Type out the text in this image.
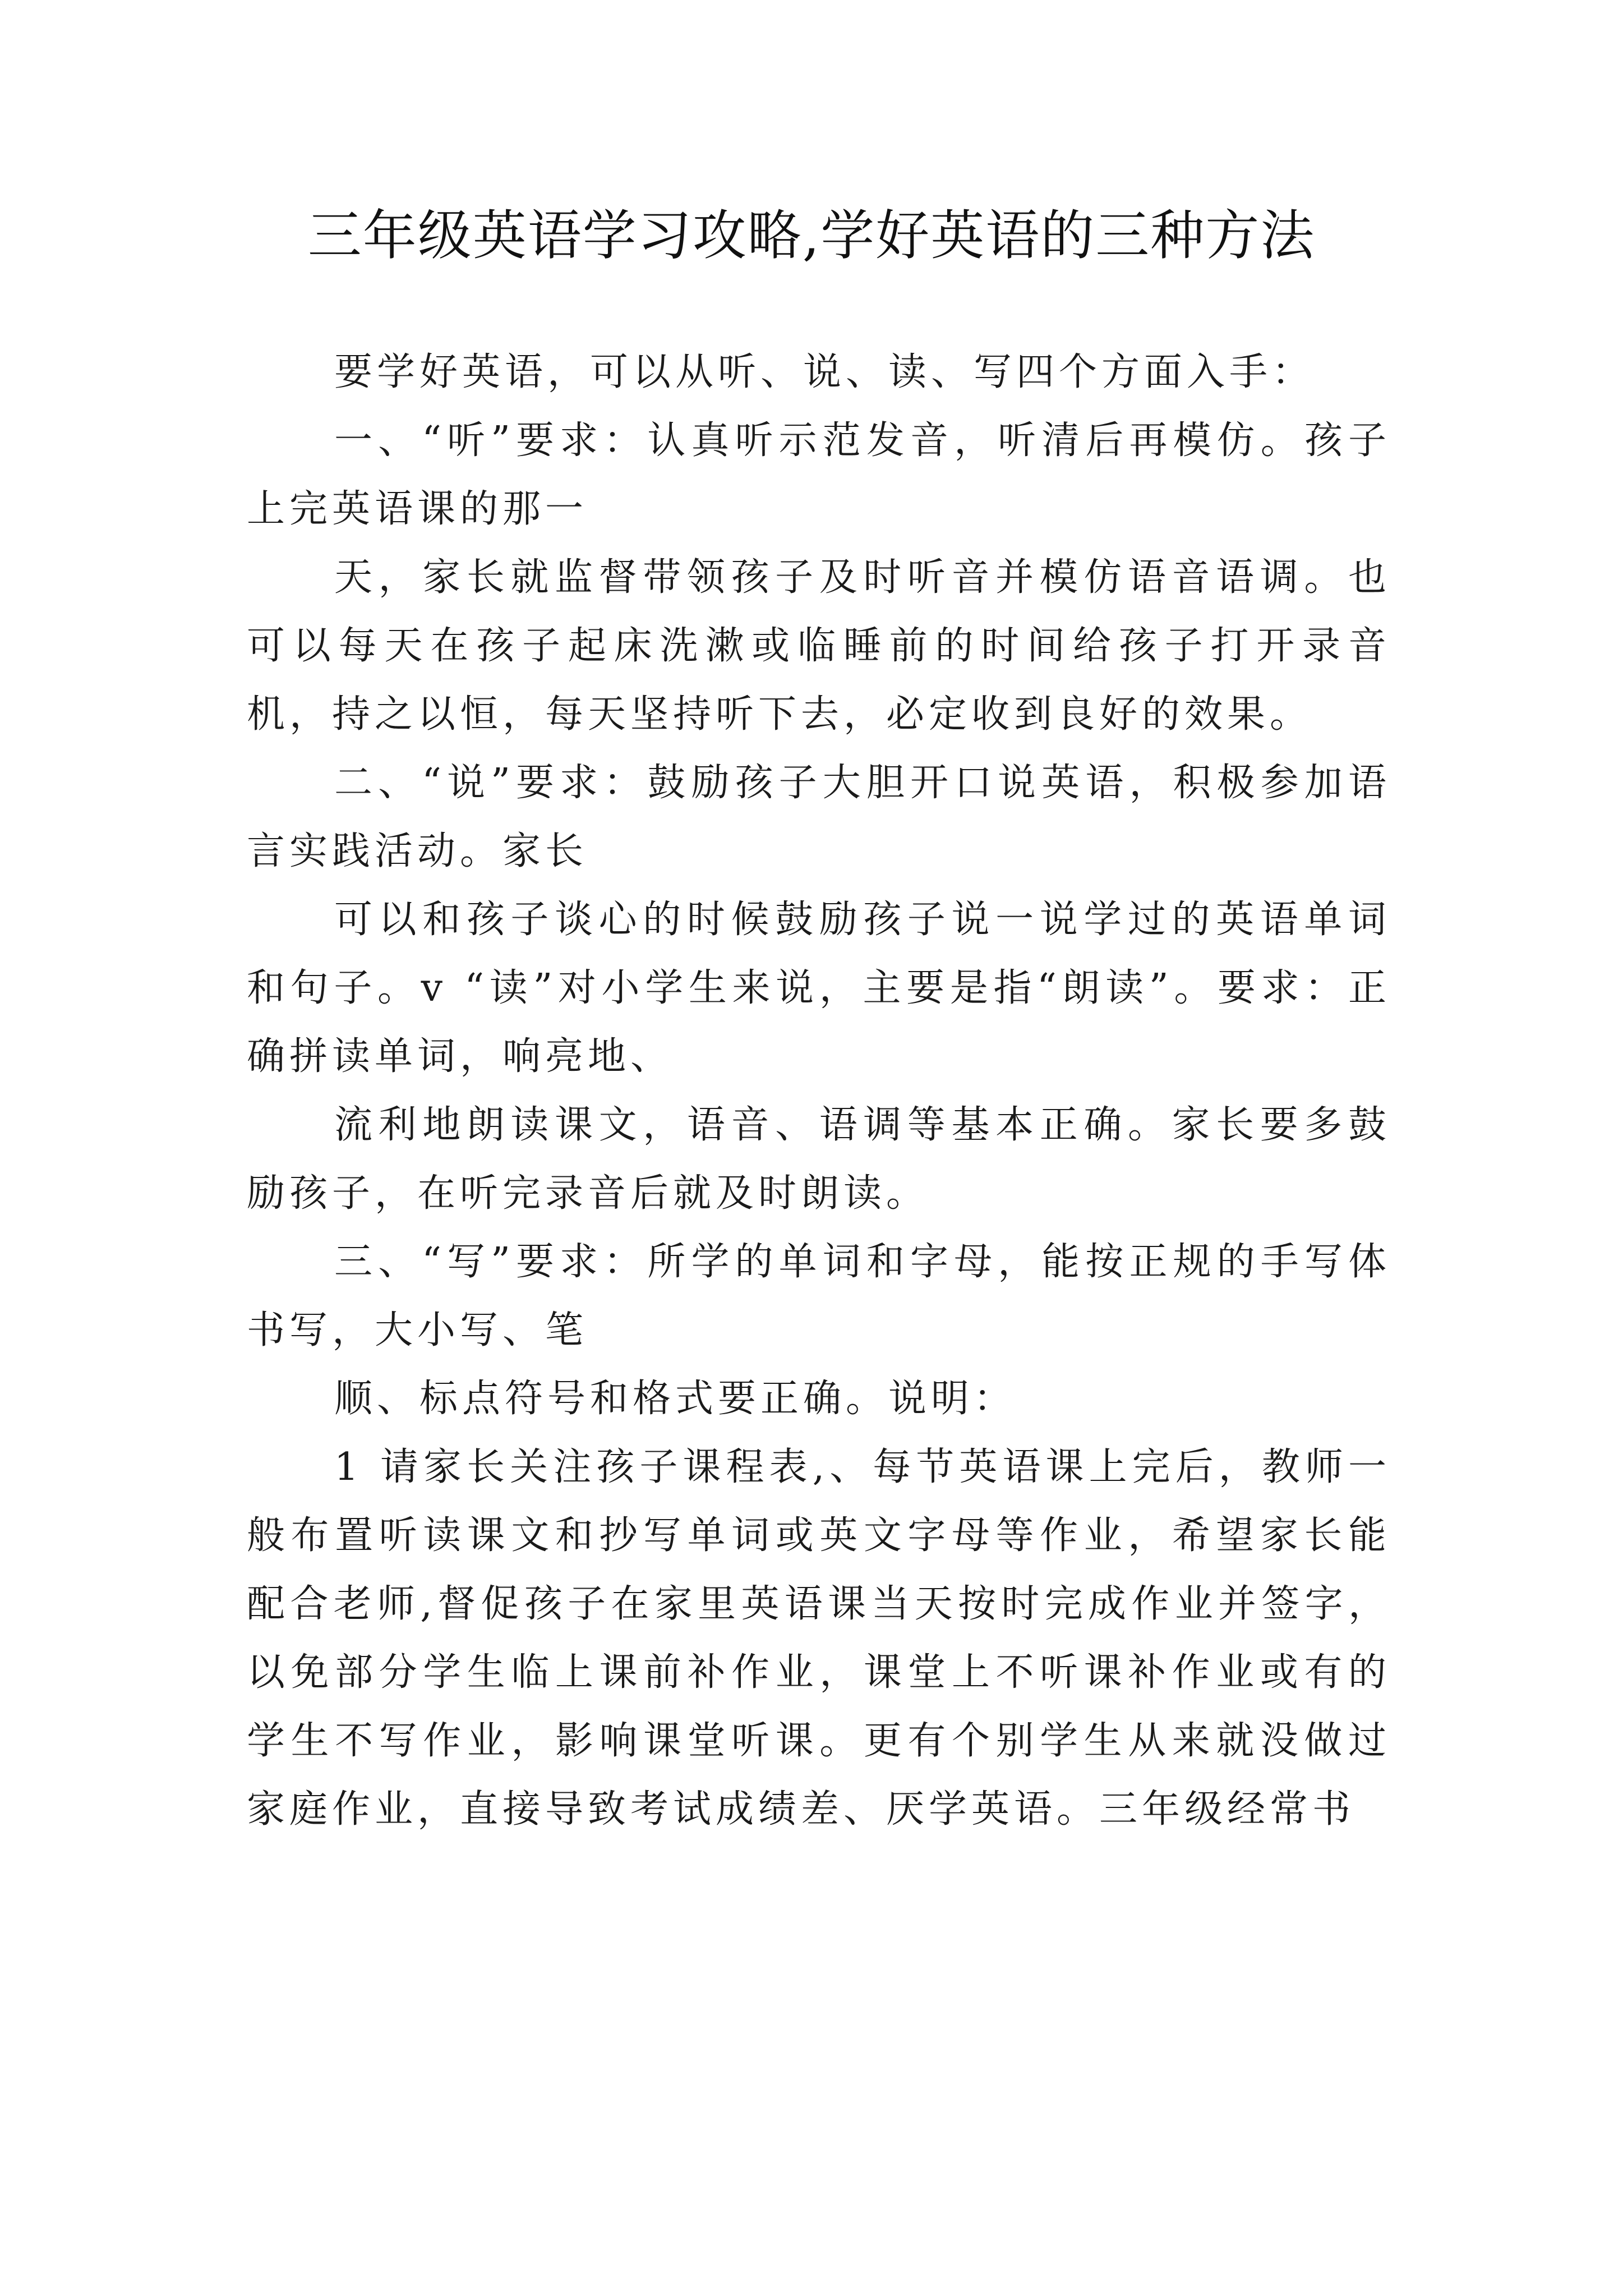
三年级英语学习攻略,学好英语的三种方法

要学好英语，可以从听、说、读、写四个方面入手：

一、“听”要求：认真听示范发音，听清后再模仿。孩子上完英语课的那一

天，家长就监督带领孩子及时听音并模仿语音语调。也可以每天在孩子起床洗漱或临睡前的时间给孩子打开录音机，持之以恒，每天坚持听下去，必定收到良好的效果。

二、“说”要求：鼓励孩子大胆开口说英语，积极参加语言实践活动。家长

可以和孩子谈心的时候鼓励孩子说一说学过的英语单词和句子。v “读”对小学生来说，主要是指“朗读”。要求：正确拼读单词，响亮地、

流利地朗读课文，语音、语调等基本正确。家长要多鼓励孩子，在听完录音后就及时朗读。

三、“写”要求：所学的单词和字母，能按正规的手写体书写，大小写、笔

顺、标点符号和格式要正确。说明：

1 请家长关注孩子课程表,、每节英语课上完后，教师一般布置听读课文和抄写单词或英文字母等作业，希望家长能配合老师,督促孩子在家里英语课当天按时完成作业并签字，以免部分学生临上课前补作业，课堂上不听课补作业或有的学生不写作业，影响课堂听课。更有个别学生从来就没做过家庭作业，直接导致考试成绩差、厌学英语。三年级经常书
